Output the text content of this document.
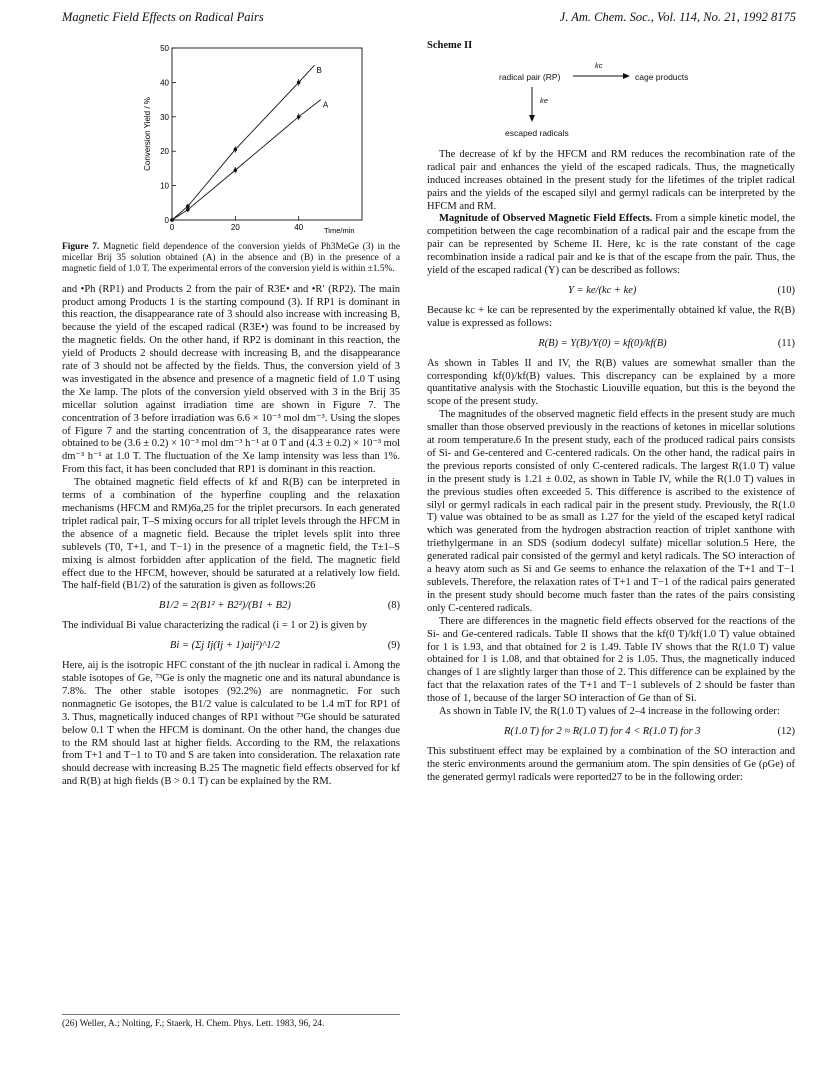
Magnetic Field Effects on Radical Pairs	J. Am. Chem. Soc., Vol. 114, No. 21, 1992 8175
0
10
20
30
40
50
0	20	40	Time/min
Conversion Yield / %	A
B
Figure 7. Magnetic field dependence of the conversion yields of Ph3MeGe (3) in the micellar Brij 35 solution obtained (A) in the absence and (B) in the presence of a magnetic field of 1.0 T. The experimental errors of the conversion yield is within ±1.5%.

and •Ph (RP1) and Products 2 from the pair of R3E• and •R′ (RP2). The main product among Products 1 is the starting compound (3). If RP1 is dominant in this reaction, the disappearance rate of 3 should also increase with increasing B, because the yield of the escaped radical (R3E•) was found to be increased by the magnetic fields. On the other hand, if RP2 is dominant in this reaction, the yield of Products 2 should decrease with increasing B, and the disappearance rate of 3 should not be affected by the fields. Thus, the conversion yield of 3 was investigated in the absence and presence of a magnetic field of 1.0 T using the Xe lamp. The plots of the conversion yield observed with 3 in the Brij 35 micellar solution against irradiation time are shown in Figure 7. The concentration of 3 before irradiation was 6.6 × 10⁻³ mol dm⁻³. Using the slopes of Figure 7 and the starting concentration of 3, the disappearance rates were obtained to be (3.6 ± 0.2) × 10⁻³ mol dm⁻³ h⁻¹ at 0 T and (4.3 ± 0.2) × 10⁻³ mol dm⁻³ h⁻¹ at 1.0 T. The fluctuation of the Xe lamp intensity was less than 1%. From this fact, it has been concluded that RP1 is dominant in this reaction.

The obtained magnetic field effects of kf and R(B) can be interpreted in terms of a combination of the hyperfine coupling and the relaxation mechanisms (HFCM and RM)6a,25 for the triplet precursors. In each generated triplet radical pair, T–S mixing occurs for all triplet levels through the HFCM in the absence of a magnetic field. Because the triplet levels split into three sublevels (T0, T+1, and T−1) in the presence of a magnetic field, the T±1–S mixing is almost forbidden after application of the field. The magnetic field effect due to the HFCM, however, should be saturated at a relatively low field. The half-field (B1/2) of the saturation is given as follows:26

B1/2 = 2(B1² + B2²)/(B1 + B2)	(8)

The individual Bi value characterizing the radical (i = 1 or 2) is given by

Bi = (Σj Ij(Ij + 1)aij²)^1/2	(9)

Here, aij is the isotropic HFC constant of the jth nuclear in radical i. Among the stable isotopes of Ge, ⁷³Ge is only the magnetic one and its natural abundance is 7.8%. The other stable isotopes (92.2%) are nonmagnetic. For such nonmagnetic Ge isotopes, the B1/2 value is calculated to be 1.4 mT for RP1 of 3. Thus, magnetically induced changes of RP1 without ⁷³Ge should be saturated below 0.1 T when the HFCM is dominant. On the other hand, the changes due to the RM should last at higher fields. According to the RM, the relaxations from T+1 and T−1 to T0 and S are taken into consideration. The relaxation rate should decrease with increasing B.25 The magnetic field effects observed for kf and R(B) at high fields (B > 0.1 T) can be explained by the RM.

(26) Weller, A.; Nolting, F.; Staerk, H. Chem. Phys. Lett. 1983, 96, 24.
Scheme II
radical pair (RP)
kc
cage products
ke
escaped radicals

The decrease of kf by the HFCM and RM reduces the recombination rate of the radical pair and enhances the yield of the escaped radicals. Thus, the magnetically induced increases obtained in the present study for the lifetimes of the triplet radical pairs and the yields of the escaped silyl and germyl radicals can be interpreted by the HFCM and RM.

Magnitude of Observed Magnetic Field Effects. From a simple kinetic model, the competition between the cage recombination of a radical pair and the escape from the pair can be represented by Scheme II. Here, kc is the rate constant of the cage recombination inside a radical pair and ke is that of the escape from the pair. Thus, the yield of the escaped radical (Y) can be described as follows:

Y = ke/(kc + ke)	(10)

Because kc + ke can be represented by the experimentally obtained kf value, the R(B) value is expressed as follows:

R(B) = Y(B)/Y(0) = kf(0)/kf(B)	(11)

As shown in Tables II and IV, the R(B) values are somewhat smaller than the corresponding kf(0)/kf(B) values. This discrepancy can be explained by a more quantitative analysis with the Stochastic Liouville equation, but this is the beyond the scope of the present study.

The magnitudes of the observed magnetic field effects in the present study are much smaller than those observed previously in the reactions of ketones in micellar solutions at room temperature.6 In the present study, each of the produced radical pairs consists of Si- and Ge-centered and C-centered radicals. On the other hand, the radical pairs in the previous reports consisted of only C-centered radicals. The largest R(1.0 T) value in the present study is 1.21 ± 0.02, as shown in Table IV, while the R(1.0 T) values in the previous studies often exceeded 5. This difference is ascribed to the existence of silyl or germyl radicals in each radical pair in the present study. Previously, the R(1.0 T) value was obtained to be as small as 1.27 for the yield of the escaped ketyl radical which was generated from the hydrogen abstraction reaction of triplet xanthone with triethylgermane in an SDS (sodium dodecyl sulfate) micellar solution.5 Here, the generated radical pair consisted of the germyl and ketyl radicals. The SO interaction of a heavy atom such as Si and Ge seems to enhance the relaxation of the T+1 and T−1 sublevels. Therefore, the relaxation rates of T+1 and T−1 of the radical pairs generated in the present study should become much faster than the rates of the pairs consisting only C-centered radicals.

There are differences in the magnetic field effects observed for the reactions of the Si- and Ge-centered radicals. Table II shows that the kf(0 T)/kf(1.0 T) value obtained for 1 is 1.93, and that obtained for 2 is 1.49. Table IV shows that the R(1.0 T) value obtained for 1 is 1.08, and that obtained for 2 is 1.05. Thus, the magnetically induced changes of 1 are slightly larger than those of 2. This difference can be explained by the fact that the relaxation rates of the T+1 and T−1 sublevels of 2 should be faster than those of 1, because of the larger SO interaction of Ge than of Si.

As shown in Table IV, the R(1.0 T) values of 2–4 increase in the following order:

R(1.0 T) for 2 ≈ R(1.0 T) for 4 < R(1.0 T) for 3	(12)

This substituent effect may be explained by a combination of the SO interaction and the steric environments around the germanium atom. The spin densities of Ge (ρGe) of the generated germyl radicals were reported27 to be in the following order:
